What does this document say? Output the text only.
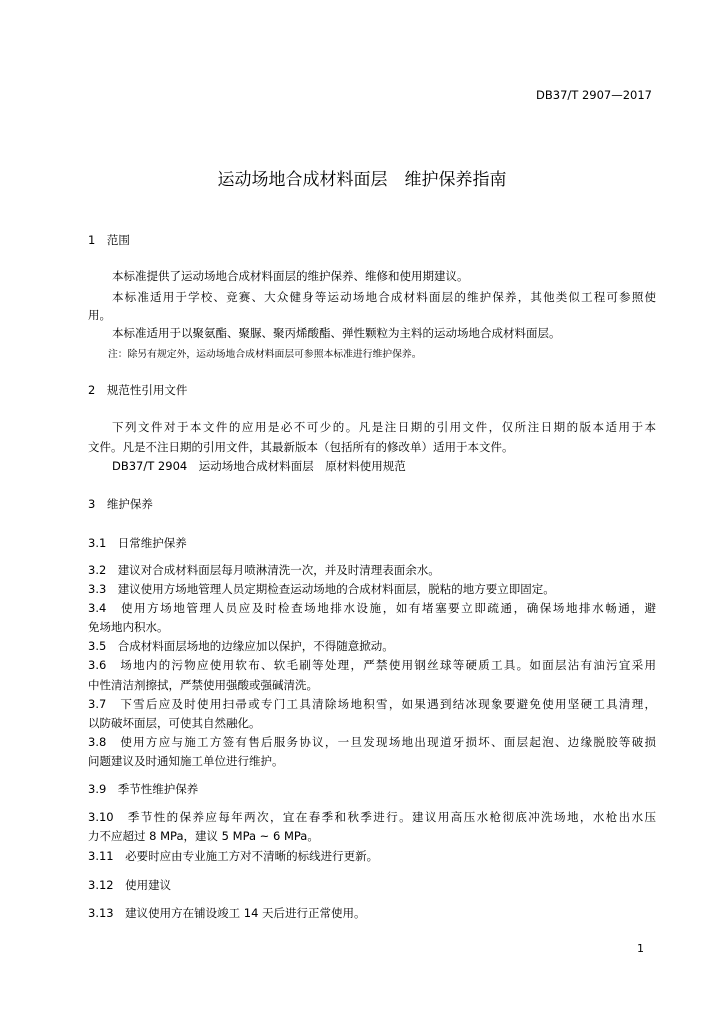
DB37/T 2907—2017
运动场地合成材料面层　维护保养指南
1　范围
本标准提供了运动场地合成材料面层的维护保养、维修和使用期建议。
本标准适用于学校、竞赛、大众健身等运动场地合成材料面层的维护保养，其他类似工程可参照使
用。
本标准适用于以聚氨酯、聚脲、聚丙烯酸酯、弹性颗粒为主料的运动场地合成材料面层。
注：除另有规定外，运动场地合成材料面层可参照本标准进行维护保养。
2　规范性引用文件
下列文件对于本文件的应用是必不可少的。凡是注日期的引用文件，仅所注日期的版本适用于本
文件。凡是不注日期的引用文件，其最新版本（包括所有的修改单）适用于本文件。
DB37/T 2904　运动场地合成材料面层　原材料使用规范
3　维护保养
3.1　日常维护保养
3.2　建议对合成材料面层每月喷淋清洗一次，并及时清理表面余水。
3.3　建议使用方场地管理人员定期检查运动场地的合成材料面层，脱粘的地方要立即固定。
3.4　使用方场地管理人员应及时检查场地排水设施，如有堵塞要立即疏通，确保场地排水畅通，避
免场地内积水。
3.5　合成材料面层场地的边缘应加以保护，不得随意掀动。
3.6　场地内的污物应使用软布、软毛刷等处理，严禁使用钢丝球等硬质工具。如面层沾有油污宜采用
中性清洁剂擦拭，严禁使用强酸或强碱清洗。
3.7　下雪后应及时使用扫帚或专门工具清除场地积雪，如果遇到结冰现象要避免使用坚硬工具清理，
以防破坏面层，可使其自然融化。
3.8　使用方应与施工方签有售后服务协议，一旦发现场地出现道牙损坏、面层起泡、边缘脱胶等破损
问题建议及时通知施工单位进行维护。
3.9　季节性维护保养
3.10　季节性的保养应每年两次，宜在春季和秋季进行。建议用高压水枪彻底冲洗场地，水枪出水压
力不应超过 8 MPa，建议 5 MPa ~ 6 MPa。
3.11　必要时应由专业施工方对不清晰的标线进行更新。
3.12　使用建议
3.13　建议使用方在铺设竣工 14 天后进行正常使用。
1
